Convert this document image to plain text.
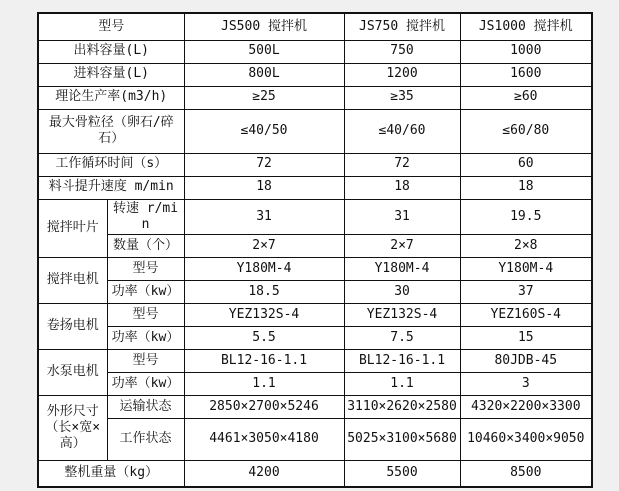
型号		JS500 搅拌机	JS750 搅拌机	JS1000 搅拌机
出料容量(L)		500L	750	1000
进料容量(L)		800L	1200	1600
理论生产率(m3/h)		≥25	≥35	≥60
最大骨粒径（卵石/碎石）		≤40/50	≤40/60	≤60/80
工作循环时间（s）		72	72	60
料斗提升速度 m/min		18	18	18
搅拌叶片	转速 r/min	31	31	19.5
	数量（个）	2×7	2×7	2×8
搅拌电机	型号	Y180M-4	Y180M-4	Y180M-4
	功率（kw）	18.5	30	37
卷扬电机	型号	YEZ132S-4	YEZ132S-4	YEZ160S-4
	功率（kw）	5.5	7.5	15
水泵电机	型号	BL12-16-1.1	BL12-16-1.1	80JDB-45
	功率（kw）	1.1	1.1	3
外形尺寸（长×宽×高）	运输状态	2850×2700×5246	3110×2620×2580	4320×2200×3300
	工作状态	4461×3050×4180	5025×3100×5680	10460×3400×9050
整机重量（kg）		4200	5500	8500
